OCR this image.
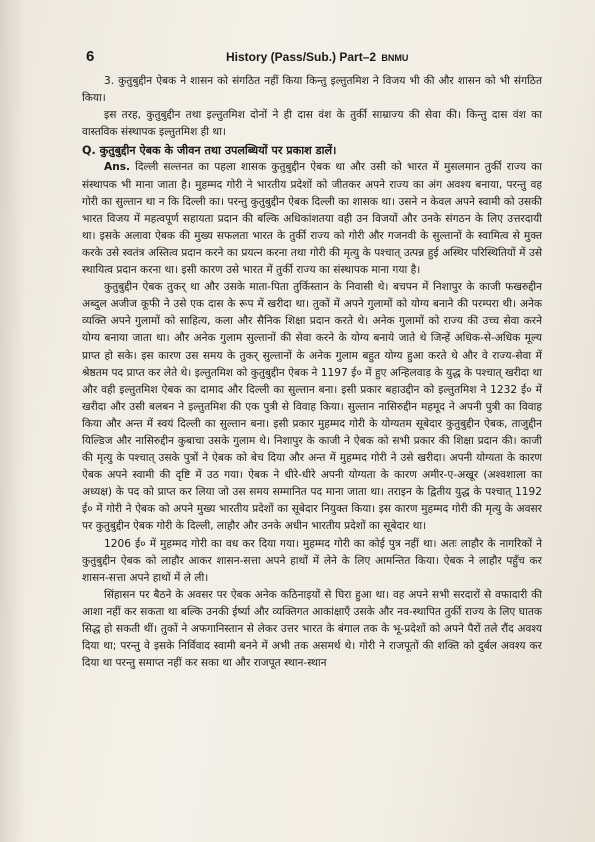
6	History (Pass/Sub.) Part–2 BNMU

3. कुतुबुद्दीन ऐबक ने शासन को संगठित नहीं किया किन्तु इल्तुतमिश ने विजय भी की और शासन को भी संगठित किया।

इस तरह, कुतुबुद्दीन तथा इल्तुतमिश दोनों ने ही दास वंश के तुर्की साम्राज्य की सेवा की। किन्तु दास वंश का वास्तविक संस्थापक इल्तुतमिश ही था।

Q. कुतुबुद्दीन ऐबक के जीवन तथा उपलब्धियों पर प्रकाश डालें।

Ans. दिल्ली सल्तनत का पहला शासक कुतुबुद्दीन ऐबक था और उसी को भारत में मुसलमान तुर्की राज्य का संस्थापक भी माना जाता है। मुहम्मद गोरी ने भारतीय प्रदेशों को जीतकर अपने राज्य का अंग अवश्य बनाया, परन्तु वह गोरी का सुल्तान था न कि दिल्ली का। परन्तु कुतुबुद्दीन ऐबक दिल्ली का शासक था। उसने न केवल अपने स्वामी को उसकी भारत विजय में महत्वपूर्ण सहायता प्रदान की बल्कि अधिकांशतया वही उन विजयों और उनके संगठन के लिए उत्तरदायी था। इसके अलावा ऐबक की मुख्य सफलता भारत के तुर्की राज्य को गोरी और गजनवी के सुल्तानों के स्वामित्व से मुक्त करके उसे स्वतंत्र अस्तित्व प्रदान करने का प्रयत्न करना तथा गोरी की मृत्यु के पश्चात् उत्पन्न हुई अस्थिर परिस्थितियों में उसे स्थायित्व प्रदान करना था। इसी कारण उसे भारत में तुर्की राज्य का संस्थापक माना गया है।

कुतुबुद्दीन ऐबक तुकर् था और उसके माता-पिता तुर्किस्तान के निवासी थे। बचपन में निशापुर के काजी फखरुद्दीन अब्दुल अजीज कूफी ने उसे एक दास के रूप में खरीदा था। तुकों में अपने गुलामों को योग्य बनाने की परम्परा थी। अनेक व्यक्ति अपने गुलामों को साहित्य, कला और सैनिक शिक्षा प्रदान करते थे। अनेक गुलामों को राज्य की उच्च सेवा करने योग्य बनाया जाता था। और अनेक गुलाम सुल्तानों की सेवा करने के योग्य बनाये जाते थे जिन्हें अधिक-से-अधिक मूल्य प्राप्त हो सके। इस कारण उस समय के तुकर् सुल्तानों के अनेक गुलाम बहुत योग्य हुआ करते थे और वे राज्य-सेवा में श्रेष्ठतम पद प्राप्त कर लेते थे। इल्तुतमिश को कुतुबुद्दीन ऐबक ने 1197 ई० में हुए अन्हिलवाड़ के युद्ध के पश्चात् खरीदा था और वही इल्तुतमिश ऐबक का दामाद और दिल्ली का सुल्तान बना। इसी प्रकार बहाउद्दीन को इल्तुतमिश ने 1232 ई० में खरीदा और उसी बलबन ने इल्तुतमिश की एक पुत्री से विवाह किया। सुल्तान नासिरुद्दीन महमूद ने अपनी पुत्री का विवाह किया और अन्त में स्वयं दिल्ली का सुल्तान बना। इसी प्रकार मुहम्मद गोरी के योग्यतम सूबेदार कुतुबुद्दीन ऐबक, ताजुद्दीन यिल्डिज और नासिरुद्दीन कुबाचा उसके गुलाम थे। निशापुर के काजी ने ऐबक को सभी प्रकार की शिक्षा प्रदान की। काजी की मृत्यु के पश्चात् उसके पुत्रों ने ऐबक को बेच दिया और अन्त में मुहम्मद गोरी ने उसे खरीदा। अपनी योग्यता के कारण ऐबक अपने स्वामी की दृष्टि में उठ गया। ऐबक ने धीरे-धीरे अपनी योग्यता के कारण अमीर-ए-अखूर (अश्वशाला का अध्यक्ष) के पद को प्राप्त कर लिया जो उस समय सम्मानित पद माना जाता था। तराइन के द्वितीय युद्ध के पश्चात् 1192 ई० में गोरी ने ऐबक को अपने मुख्य भारतीय प्रदेशों का सूबेदार नियुक्त किया। इस कारण मुहम्मद गोरी की मृत्यु के अवसर पर कुतुबुद्दीन ऐबक गोरी के दिल्ली, लाहौर और उनके अधीन भारतीय प्रदेशों का सूबेदार था।

1206 ई० में मुहम्मद गोरी का वध कर दिया गया। मुहम्मद गोरी का कोई पुत्र नहीं था। अतः लाहौर के नागरिकों ने कुतुबुद्दीन ऐबक को लाहौर आकर शासन-सत्ता अपने हाथों में लेने के लिए आमन्तित किया। ऐबक ने लाहौर पहुँच कर शासन-सत्ता अपने हाथों में ले ली।

सिंहासन पर बैठने के अवसर पर ऐबक अनेक कठिनाइयों से घिरा हुआ था। वह अपने सभी सरदारों से वफादारी की आशा नहीं कर सकता था बल्कि उनकी ईर्ष्या और व्यक्तिगत आकांक्षाएँ उसके और नव-स्थापित तुर्की राज्य के लिए घातक सिद्ध हो सकती थीं। तुकों ने अफगानिस्तान से लेकर उत्तर भारत के बंगाल तक के भू-प्रदेशों को अपने पैरों तले रौंद अवश्य दिया था; परन्तु वे इसके निर्विवाद स्वामी बनने में अभी तक असमर्थ थे। गोरी ने राजपूतों की शक्ति को दुर्बल अवश्य कर दिया था परन्तु समाप्त नहीं कर सका था और राजपूत स्थान-स्थान
